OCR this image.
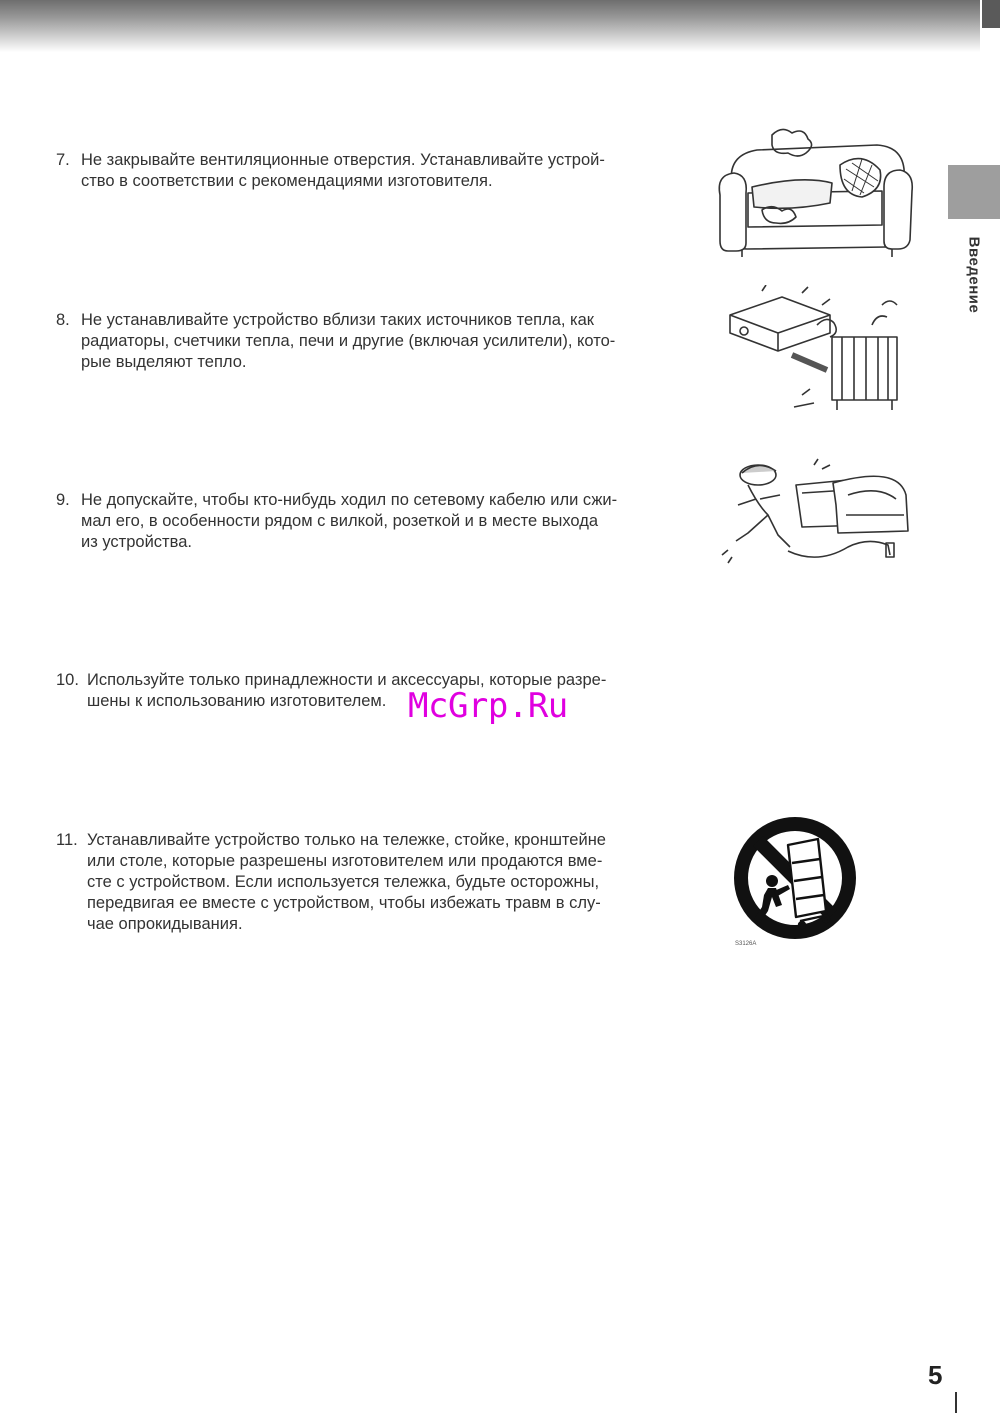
Введение
7. Не закрывайте вентиляционные отверстия. Устанавливайте устрой-
ство в соответствии с рекомендациями изготовителя.
8. Не устанавливайте устройство вблизи таких источников тепла, как
радиаторы, счетчики тепла, печи и другие (включая усилители), кото-
рые выделяют тепло.
9. Не допускайте, чтобы кто-нибудь ходил по сетевому кабелю или сжи-
мал его, в особенности рядом с вилкой, розеткой и в месте выхода
из устройства.
10. Используйте только принадлежности и аксессуары, которые разре-
шены к использованию изготовителем.
11. Устанавливайте устройство только на тележке, стойке, кронштейне
или столе, которые разрешены изготовителем или продаются вме-
сте с устройством. Если используется тележка, будьте осторожны,
передвигая ее вместе с устройством, чтобы избежать травм в слу-
чае опрокидывания.
S3126A
McGrp.Ru
5
